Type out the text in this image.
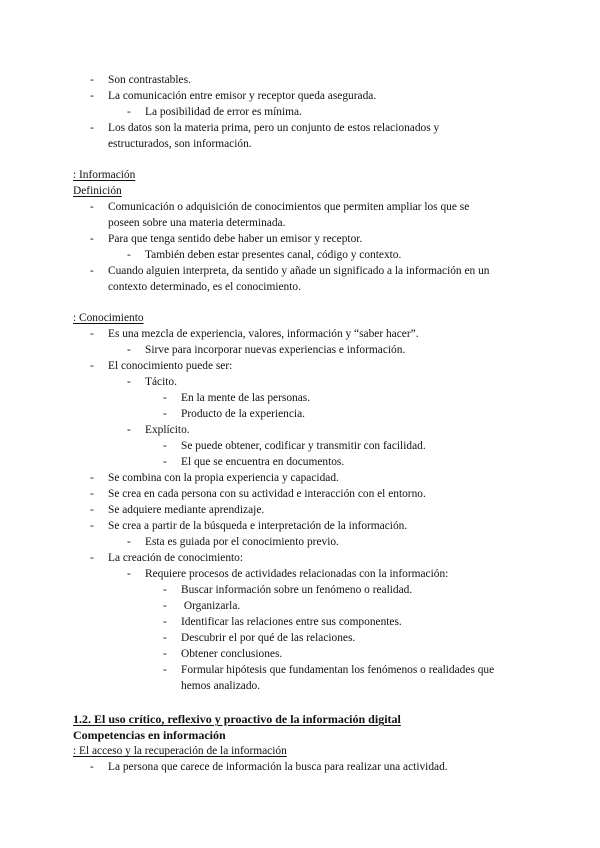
- Son contrastables.
- La comunicación entre emisor y receptor queda asegurada.
- La posibilidad de error es mínima.
- Los datos son la materia prima, pero un conjunto de estos relacionados y
estructurados, son información.
: Información
Definición
- Comunicación o adquisición de conocimientos que permiten ampliar los que se
poseen sobre una materia determinada.
- Para que tenga sentido debe haber un emisor y receptor.
- También deben estar presentes canal, código y contexto.
- Cuando alguien interpreta, da sentido y añade un significado a la información en un
contexto determinado, es el conocimiento.
: Conocimiento
- Es una mezcla de experiencia, valores, información y “saber hacer”.
- Sirve para incorporar nuevas experiencias e información.
- El conocimiento puede ser:
- Tácito.
- En la mente de las personas.
- Producto de la experiencia.
- Explícito.
- Se puede obtener, codificar y transmitir con facilidad.
- El que se encuentra en documentos.
- Se combina con la propia experiencia y capacidad.
- Se crea en cada persona con su actividad e interacción con el entorno.
- Se adquiere mediante aprendizaje.
- Se crea a partir de la búsqueda e interpretación de la información.
- Esta es guiada por el conocimiento previo.
- La creación de conocimiento:
- Requiere procesos de actividades relacionadas con la información:
- Buscar información sobre un fenómeno o realidad.
- Organizarla.
- Identificar las relaciones entre sus componentes.
- Descubrir el por qué de las relaciones.
- Obtener conclusiones.
- Formular hipótesis que fundamentan los fenómenos o realidades que
hemos analizado.
1.2. El uso crítico, reflexivo y proactivo de la información digital
Competencias en información
: El acceso y la recuperación de la información
- La persona que carece de información la busca para realizar una actividad.
